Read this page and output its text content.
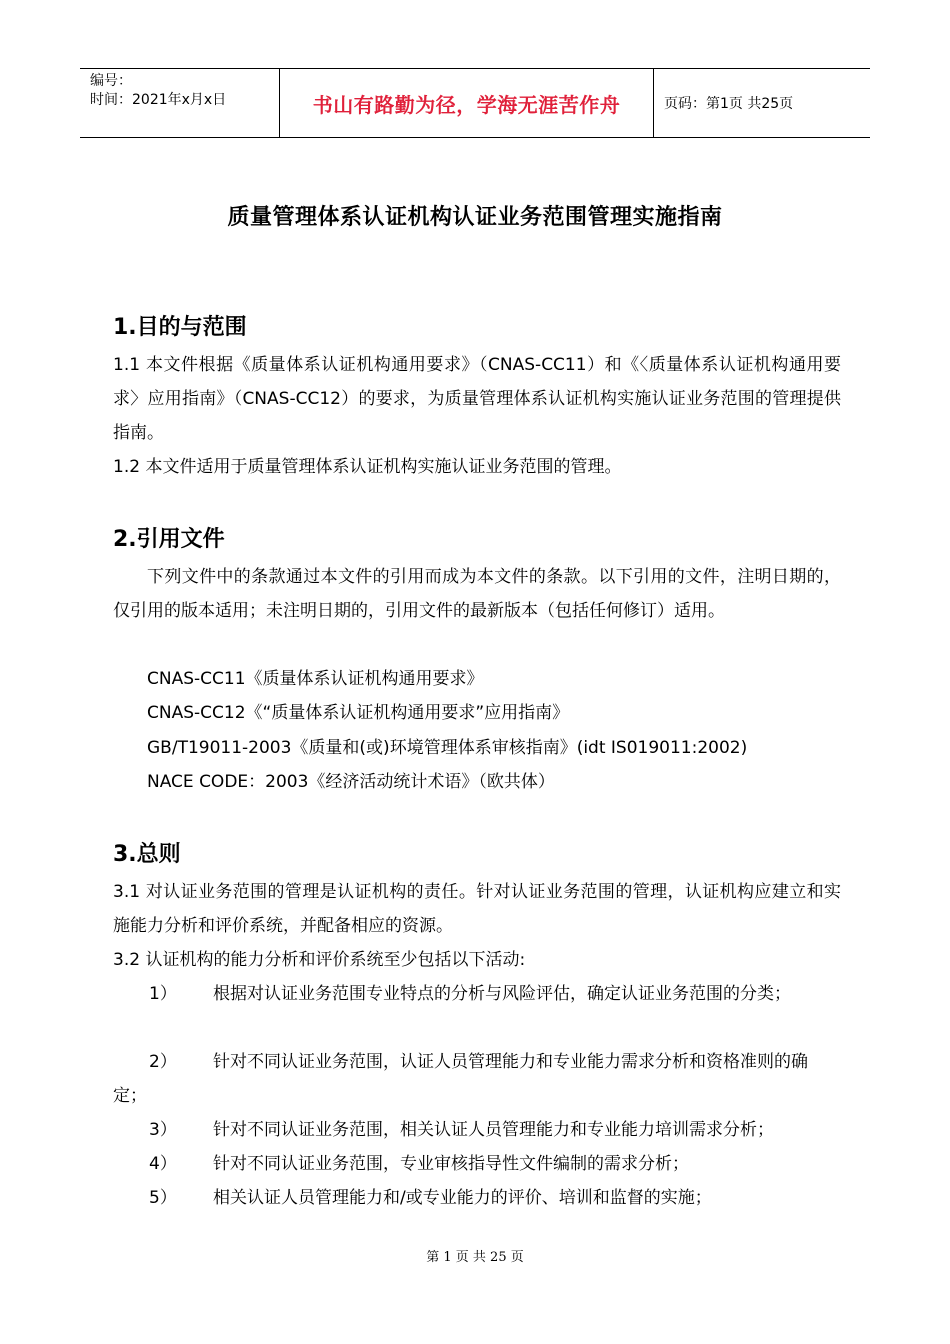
编号：
时间：2021年x月x日	书山有路勤为径，学海无涯苦作舟	页码：第1页 共25页
质量管理体系认证机构认证业务范围管理实施指南
1.目的与范围
1.1 本文件根据《质量体系认证机构通用要求》（CNAS-CC11）和《〈质量体系认证机构通用要求〉应用指南》（CNAS-CC12）的要求，为质量管理体系认证机构实施认证业务范围的管理提供指南。
1.2 本文件适用于质量管理体系认证机构实施认证业务范围的管理。
2.引用文件
下列文件中的条款通过本文件的引用而成为本文件的条款。以下引用的文件，注明日期的，仅引用的版本适用；未注明日期的，引用文件的最新版本（包括任何修订）适用。
CNAS-CC11《质量体系认证机构通用要求》
CNAS-CC12《“质量体系认证机构通用要求”应用指南》
GB/T19011-2003《质量和(或)环境管理体系审核指南》(idt IS019011:2002)
NACE CODE：2003《经济活动统计术语》（欧共体）
3.总则
3.1 对认证业务范围的管理是认证机构的责任。针对认证业务范围的管理，认证机构应建立和实施能力分析和评价系统，并配备相应的资源。
3.2 认证机构的能力分析和评价系统至少包括以下活动:
1） 根据对认证业务范围专业特点的分析与风险评估，确定认证业务范围的分类；
2） 针对不同认证业务范围，认证人员管理能力和专业能力需求分析和资格准则的确定；
3） 针对不同认证业务范围，相关认证人员管理能力和专业能力培训需求分析；
4） 针对不同认证业务范围，专业审核指导性文件编制的需求分析；
5） 相关认证人员管理能力和/或专业能力的评价、培训和监督的实施；
第 1 页 共 25 页
